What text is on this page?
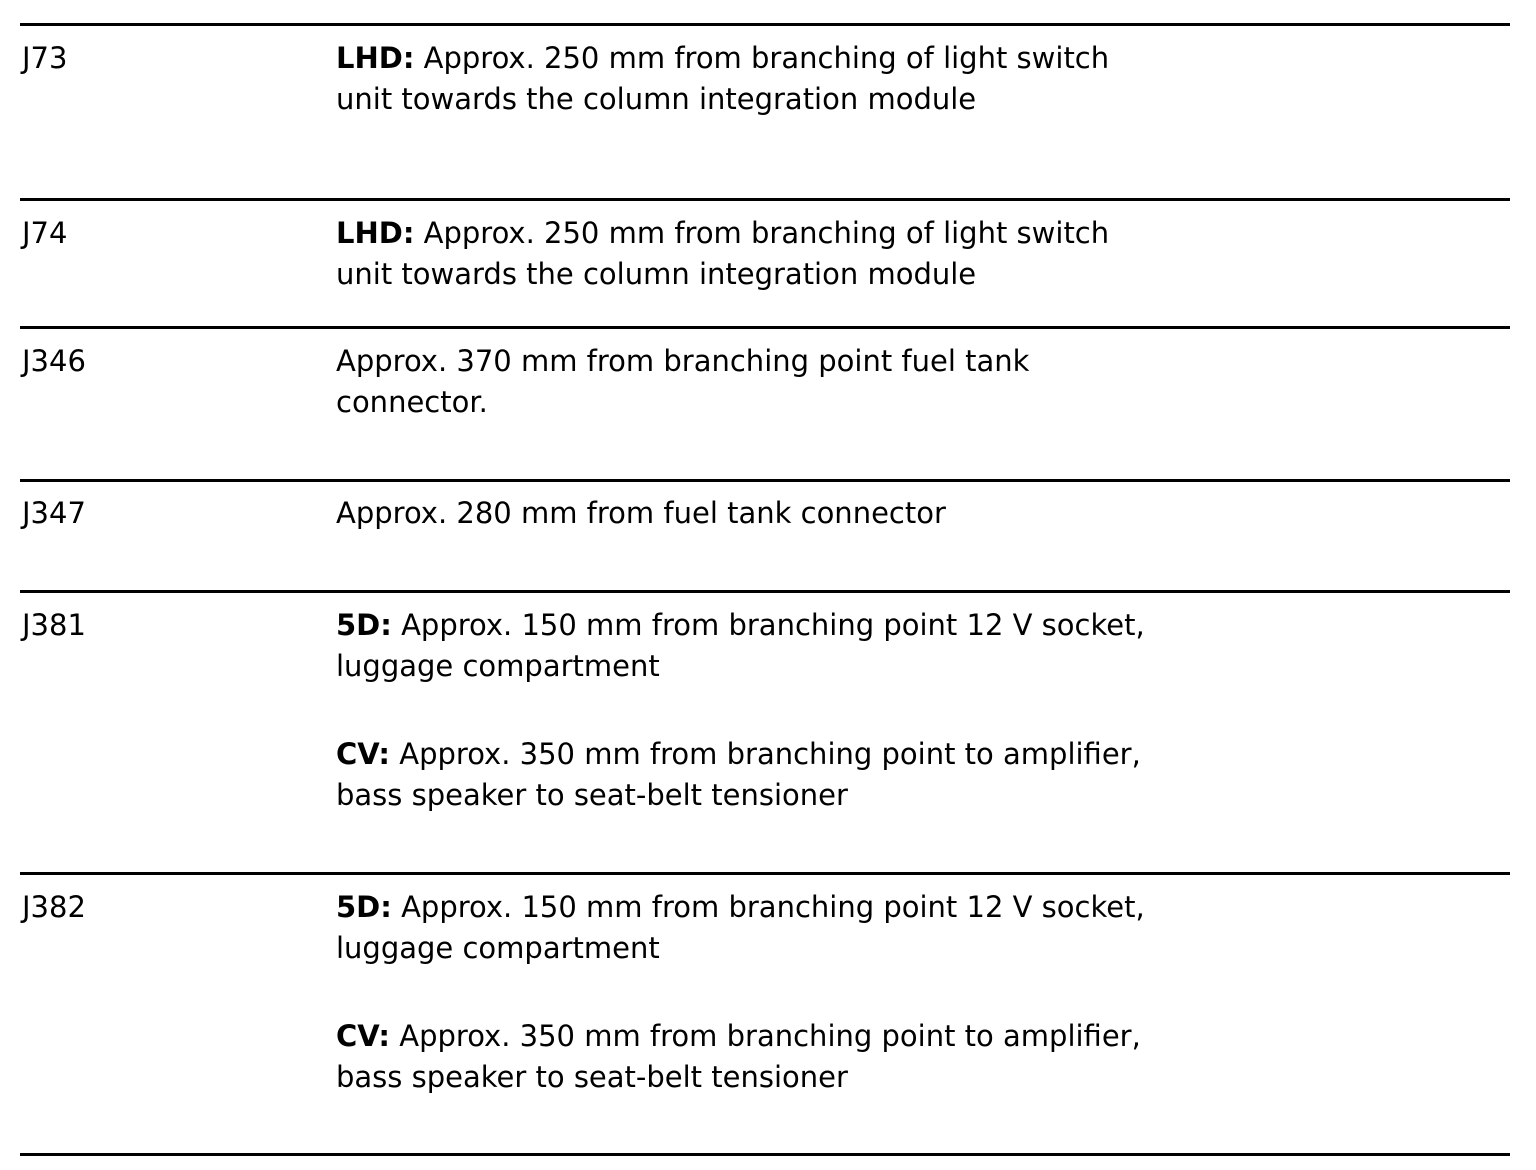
J73	LHD: Approx. 250 mm from branching of light switch
unit towards the column integration module

J74	LHD: Approx. 250 mm from branching of light switch
unit towards the column integration module

J346	Approx. 370 mm from branching point fuel tank
connector.

J347	Approx. 280 mm from fuel tank connector

J381	5D: Approx. 150 mm from branching point 12 V socket,
luggage compartment

CV: Approx. 350 mm from branching point to amplifier,
bass speaker to seat-belt tensioner

J382	5D: Approx. 150 mm from branching point 12 V socket,
luggage compartment

CV: Approx. 350 mm from branching point to amplifier,
bass speaker to seat-belt tensioner
